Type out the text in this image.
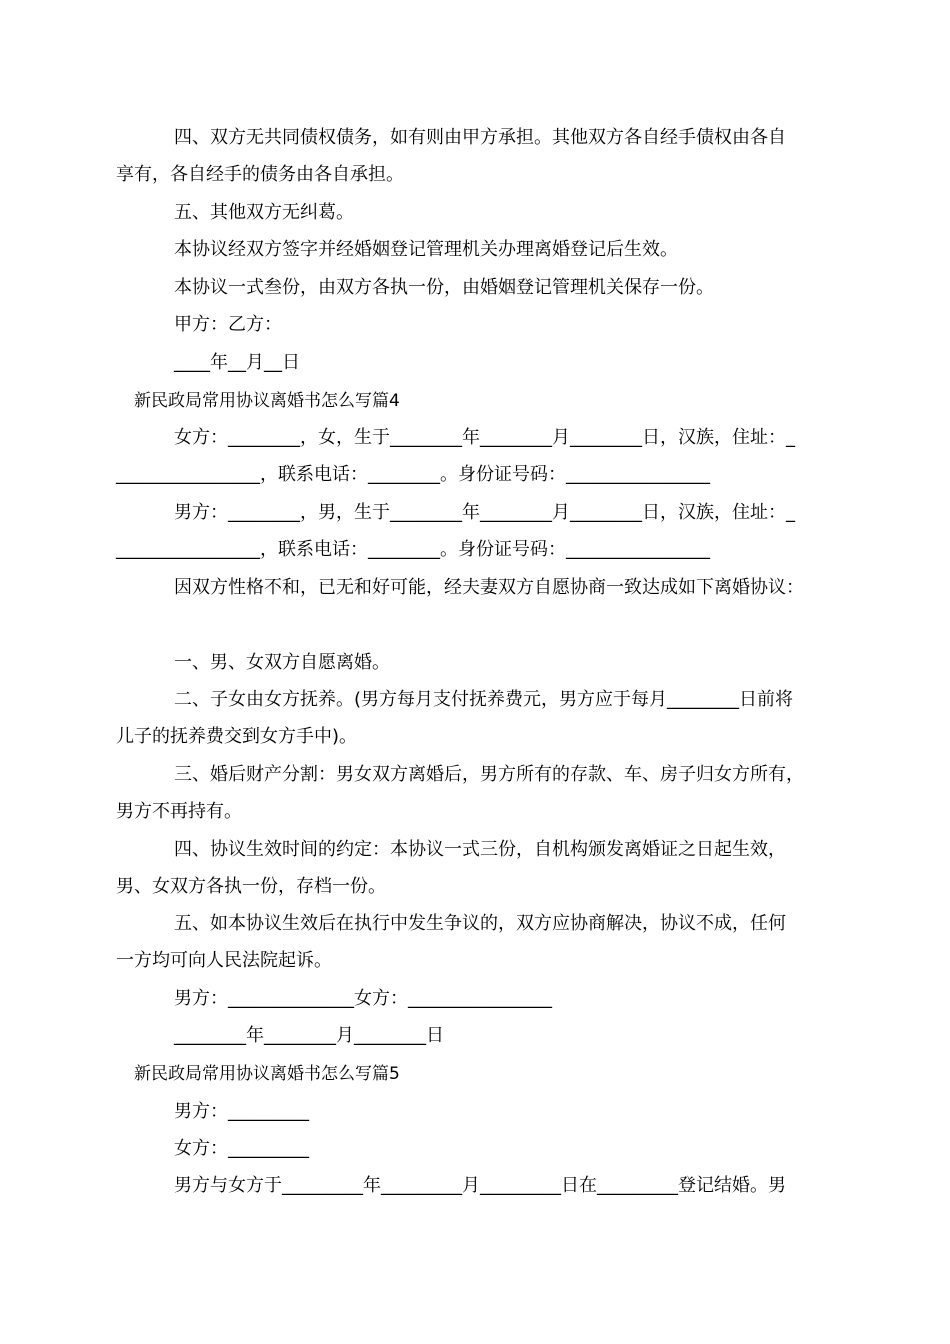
四、双方无共同债权债务，如有则由甲方承担。其他双方各自经手债权由各自
享有，各自经手的债务由各自承担。
五、其他双方无纠葛。
本协议经双方签字并经婚姻登记管理机关办理离婚登记后生效。
本协议一式叁份，由双方各执一份，由婚姻登记管理机关保存一份。
甲方：乙方：
____年__月__日
新民政局常用协议离婚书怎么写篇4
女方：________，女，生于________年________月________日，汉族，住址：_
________________，联系电话：________。身份证号码：________________
男方：________，男，生于________年________月________日，汉族，住址：_
________________，联系电话：________。身份证号码：________________
因双方性格不和，已无和好可能，经夫妻双方自愿协商一致达成如下离婚协议：
一、男、女双方自愿离婚。
二、子女由女方抚养。(男方每月支付抚养费元，男方应于每月________日前将
儿子的抚养费交到女方手中)。
三、婚后财产分割：男女双方离婚后，男方所有的存款、车、房子归女方所有，
男方不再持有。
四、协议生效时间的约定：本协议一式三份，自机构颁发离婚证之日起生效，
男、女双方各执一份，存档一份。
五、如本协议生效后在执行中发生争议的，双方应协商解决，协议不成，任何
一方均可向人民法院起诉。
男方：______________女方：________________
________年________月________日
新民政局常用协议离婚书怎么写篇5
男方：_________
女方：_________
男方与女方于_________年_________月_________日在_________登记结婚。男
